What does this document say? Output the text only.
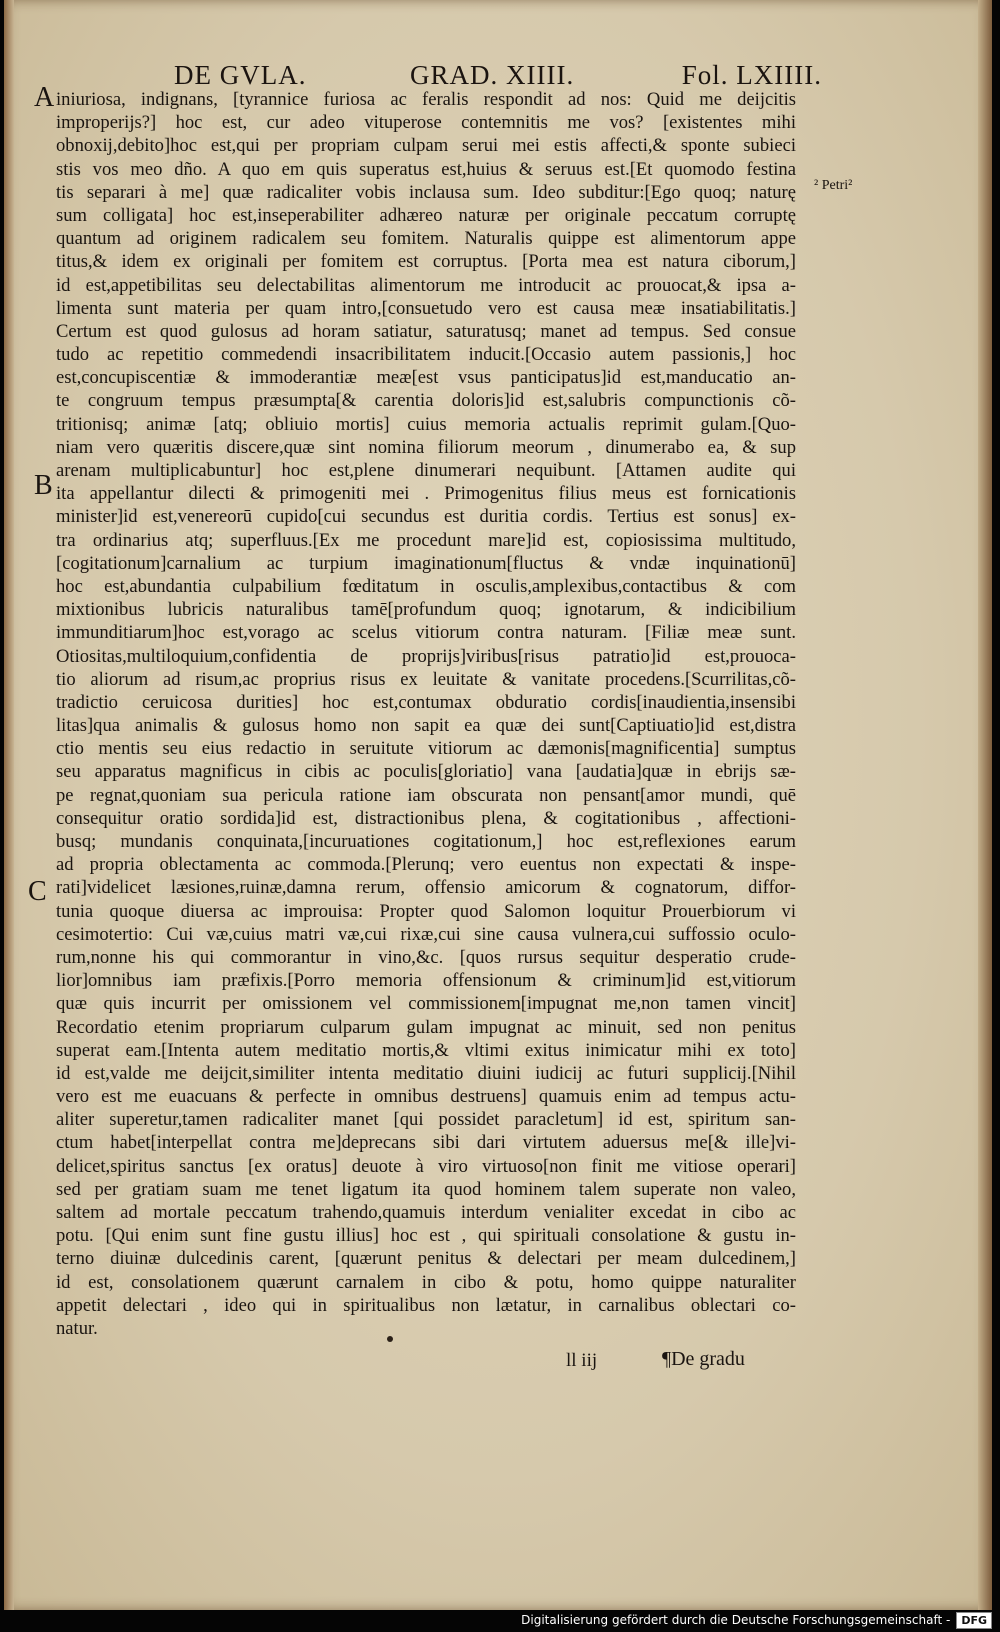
DE GVLA.	GRAD. XIIII.	Fol. LXIIII.
A
B
C
² Petri²
iniuriosa, indignans, [tyrannice furiosa ac feralis respondit ad nos: Quid me deijcitis
improperijs?] hoc est, cur adeo vituperose contemnitis me vos? [existentes mihi
obnoxij,debito]hoc est,qui per propriam culpam serui mei estis affecti,& sponte subieci
stis vos meo dño. A quo em quis superatus est,huius & seruus est.[Et quomodo festina
tis separari à me] quæ radicaliter vobis inclausa sum. Ideo subditur:[Ego quoq; naturę
sum colligata] hoc est,inseperabiliter adhæreo naturæ per originale peccatum corruptę
quantum ad originem radicalem seu fomitem. Naturalis quippe est alimentorum appe
titus,& idem ex originali per fomitem est corruptus. [Porta mea est natura ciborum,]
id est,appetibilitas seu delectabilitas alimentorum me introducit ac prouocat,& ipsa a-
limenta sunt materia per quam intro,[consuetudo vero est causa meæ insatiabilitatis.]
Certum est quod gulosus ad horam satiatur, saturatusq; manet ad tempus. Sed consue
tudo ac repetitio commedendi insacribilitatem inducit.[Occasio autem passionis,] hoc
est,concupiscentiæ & immoderantiæ meæ[est vsus panticipatus]id est,manducatio an-
te congruum tempus præsumpta[& carentia doloris]id est,salubris compunctionis cõ-
tritionisq; animæ [atq; obliuio mortis] cuius memoria actualis reprimit gulam.[Quo-
niam vero quæritis discere,quæ sint nomina filiorum meorum , dinumerabo ea, & sup
arenam multiplicabuntur] hoc est,plene dinumerari nequibunt. [Attamen audite qui
ita appellantur dilecti & primogeniti mei . Primogenitus filius meus est fornicationis
minister]id est,venereorū cupido[cui secundus est duritia cordis. Tertius est sonus] ex-
tra ordinarius atq; superfluus.[Ex me procedunt mare]id est, copiosissima multitudo,
[cogitationum]carnalium ac turpium imaginationum[fluctus & vndæ inquinationū]
hoc est,abundantia culpabilium fœditatum in osculis,amplexibus,contactibus & com
mixtionibus lubricis naturalibus tamē[profundum quoq; ignotarum, & indicibilium
immunditiarum]hoc est,vorago ac scelus vitiorum contra naturam. [Filiæ meæ sunt.
Otiositas,multiloquium,confidentia de proprijs]viribus[risus patratio]id est,prouoca-
tio aliorum ad risum,ac proprius risus ex leuitate & vanitate procedens.[Scurrilitas,cõ-
tradictio ceruicosa durities] hoc est,contumax obduratio cordis[inaudientia,insensibi
litas]qua animalis & gulosus homo non sapit ea quæ dei sunt[Captiuatio]id est,distra
ctio mentis seu eius redactio in seruitute vitiorum ac dæmonis[magnificentia] sumptus
seu apparatus magnificus in cibis ac poculis[gloriatio] vana [audatia]quæ in ebrijs sæ-
pe regnat,quoniam sua pericula ratione iam obscurata non pensant[amor mundi, quē
consequitur oratio sordida]id est, distractionibus plena, & cogitationibus , affectioni-
busq; mundanis conquinata,[incuruationes cogitationum,] hoc est,reflexiones earum
ad propria oblectamenta ac commoda.[Plerunq; vero euentus non expectati & inspe-
rati]videlicet læsiones,ruinæ,damna rerum, offensio amicorum & cognatorum, diffor-
tunia quoque diuersa ac improuisa: Propter quod Salomon loquitur Prouerbiorum vi
cesimotertio: Cui væ,cuius matri væ,cui rixæ,cui sine causa vulnera,cui suffossio oculo-
rum,nonne his qui commorantur in vino,&c. [quos rursus sequitur desperatio crude-
lior]omnibus iam præfixis.[Porro memoria offensionum & criminum]id est,vitiorum
quæ quis incurrit per omissionem vel commissionem[impugnat me,non tamen vincit]
Recordatio etenim propriarum culparum gulam impugnat ac minuit, sed non penitus
superat eam.[Intenta autem meditatio mortis,& vltimi exitus inimicatur mihi ex toto]
id est,valde me deijcit,similiter intenta meditatio diuini iudicij ac futuri supplicij.[Nihil
vero est me euacuans & perfecte in omnibus destruens] quamuis enim ad tempus actu-
aliter superetur,tamen radicaliter manet [qui possidet paracletum] id est, spiritum san-
ctum habet[interpellat contra me]deprecans sibi dari virtutem aduersus me[& ille]vi-
delicet,spiritus sanctus [ex oratus] deuote à viro virtuoso[non finit me vitiose operari]
sed per gratiam suam me tenet ligatum ita quod hominem talem superate non valeo,
saltem ad mortale peccatum trahendo,quamuis interdum venialiter excedat in cibo ac
potu. [Qui enim sunt fine gustu illius] hoc est , qui spirituali consolatione & gustu in-
terno diuinæ dulcedinis carent, [quærunt penitus & delectari per meam dulcedinem,]
id est, consolationem quærunt carnalem in cibo & potu, homo quippe naturaliter
appetit delectari , ideo qui in spiritualibus non lætatur, in carnalibus oblectari co-
natur.
ll iij	¶De gradu
Digitalisierung gefördert durch die Deutsche Forschungsgemeinschaft -	DFG
